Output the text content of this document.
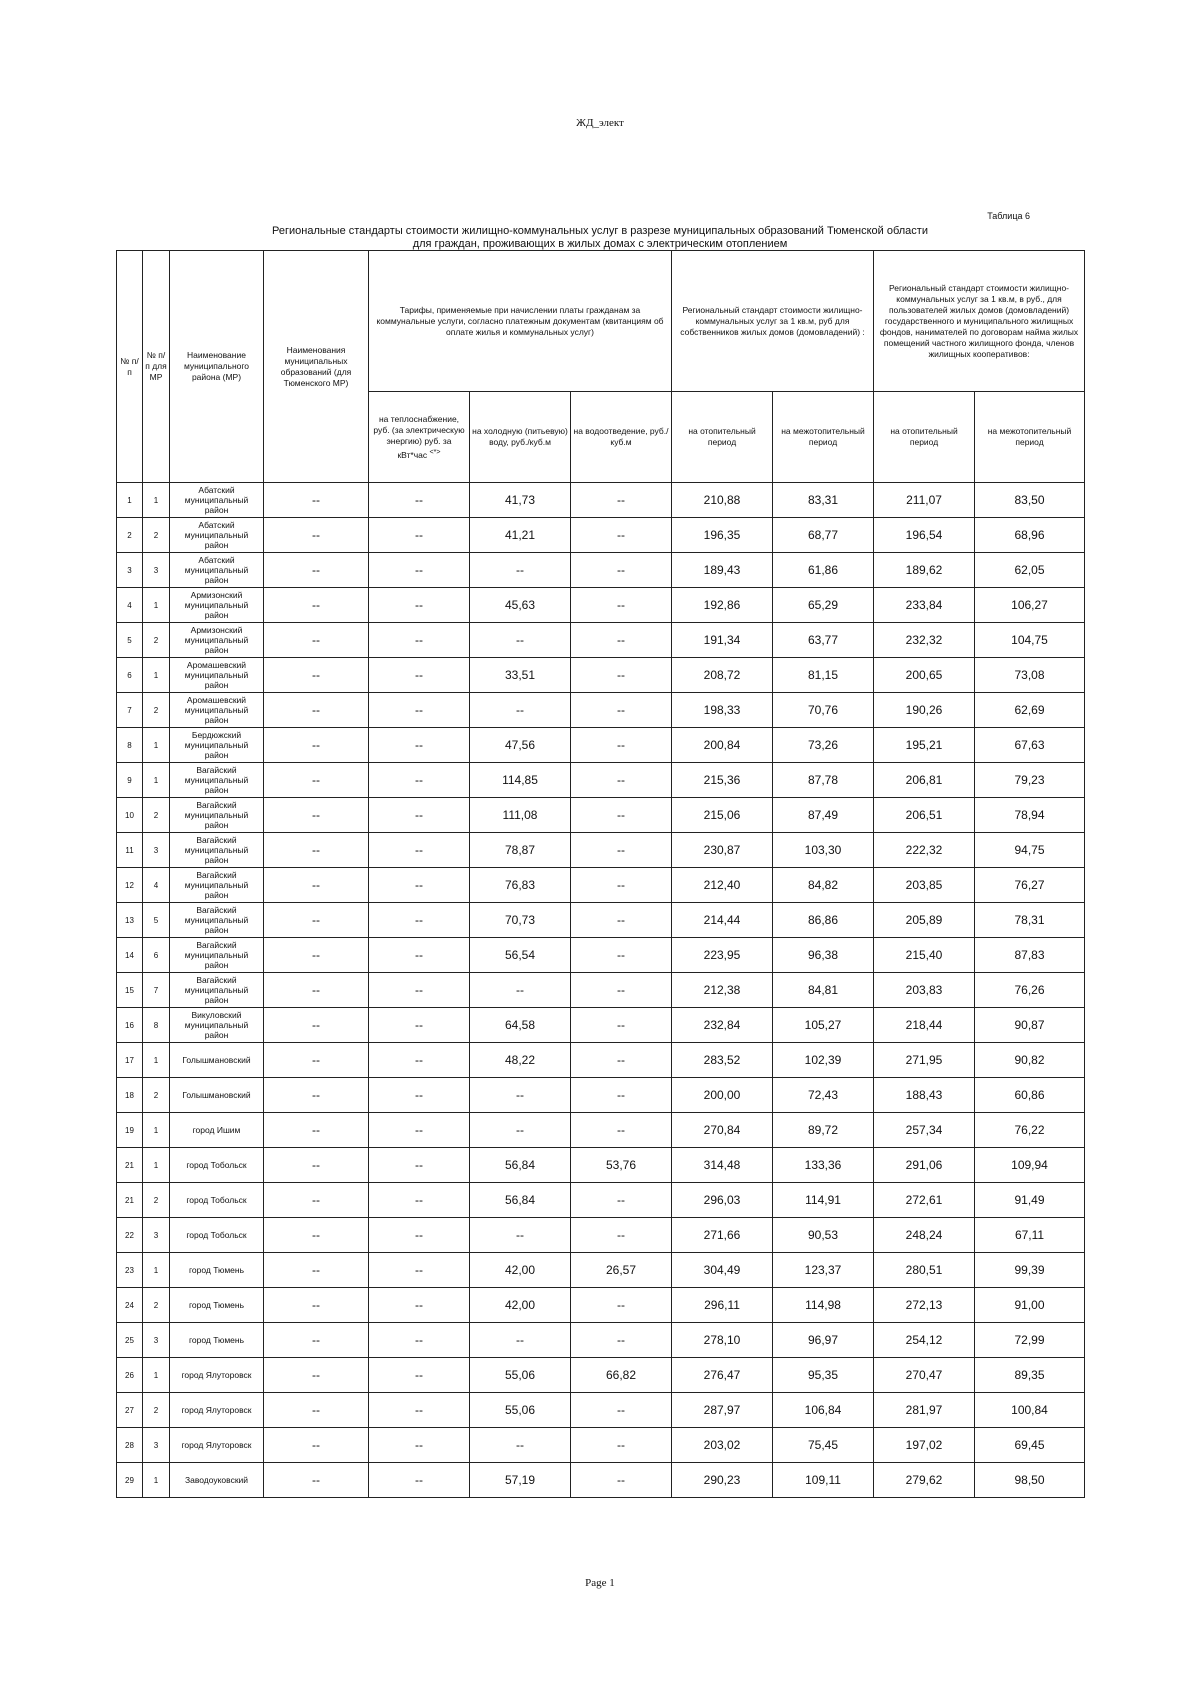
ЖД_элект
Таблица 6
Региональные стандарты стоимости жилищно-коммунальных услуг в разрезе муниципальных образований Тюменской области
для граждан, проживающих в жилых домах с электрическим отоплением
№ п/п	№ п/п для МР	Наименование муниципального района (МР)	Наименования муниципальных образований (для Тюменского МР)	Тарифы, применяемые при начислении платы гражданам за коммунальные услуги, согласно платежным документам (квитанциям об оплате жилья и коммунальных услуг)			Региональный стандарт стоимости жилищно-коммунальных услуг за 1 кв.м, руб для собственников жилых домов (домовладений) :		Региональный стандарт стоимости жилищно-коммунальных услуг за 1 кв.м, в руб., для пользователей жилых домов (домовладений) государственного и муниципального жилищных фондов, нанимателей по договорам найма жилых помещений частного жилищного фонда, членов жилищных кооперативов:	
				на теплоснабжение, руб. (за электрическую энергию) руб. за кВт*час <*>	на холодную (питьевую) воду, руб./куб.м	на водоотведение, руб./куб.м	на отопительный период	на межотопительный период	на отопительный период	на межотопительный период
1	1	Абатский муниципальный район	--	--	41,73	--	210,88	83,31	211,07	83,50
2	2	Абатский муниципальный район	--	--	41,21	--	196,35	68,77	196,54	68,96
3	3	Абатский муниципальный район	--	--	--	--	189,43	61,86	189,62	62,05
4	1	Армизонский муниципальный район	--	--	45,63	--	192,86	65,29	233,84	106,27
5	2	Армизонский муниципальный район	--	--	--	--	191,34	63,77	232,32	104,75
6	1	Аромашевский муниципальный район	--	--	33,51	--	208,72	81,15	200,65	73,08
7	2	Аромашевский муниципальный район	--	--	--	--	198,33	70,76	190,26	62,69
8	1	Бердюжский муниципальный район	--	--	47,56	--	200,84	73,26	195,21	67,63
9	1	Вагайский муниципальный район	--	--	114,85	--	215,36	87,78	206,81	79,23
10	2	Вагайский муниципальный район	--	--	111,08	--	215,06	87,49	206,51	78,94
11	3	Вагайский муниципальный район	--	--	78,87	--	230,87	103,30	222,32	94,75
12	4	Вагайский муниципальный район	--	--	76,83	--	212,40	84,82	203,85	76,27
13	5	Вагайский муниципальный район	--	--	70,73	--	214,44	86,86	205,89	78,31
14	6	Вагайский муниципальный район	--	--	56,54	--	223,95	96,38	215,40	87,83
15	7	Вагайский муниципальный район	--	--	--	--	212,38	84,81	203,83	76,26
16	8	Викуловский муниципальный район	--	--	64,58	--	232,84	105,27	218,44	90,87
17	1	Голышмановский	--	--	48,22	--	283,52	102,39	271,95	90,82
18	2	Голышмановский	--	--	--	--	200,00	72,43	188,43	60,86
19	1	город Ишим	--	--	--	--	270,84	89,72	257,34	76,22
21	1	город Тобольск	--	--	56,84	53,76	314,48	133,36	291,06	109,94
21	2	город Тобольск	--	--	56,84	--	296,03	114,91	272,61	91,49
22	3	город Тобольск	--	--	--	--	271,66	90,53	248,24	67,11
23	1	город Тюмень	--	--	42,00	26,57	304,49	123,37	280,51	99,39
24	2	город Тюмень	--	--	42,00	--	296,11	114,98	272,13	91,00
25	3	город Тюмень	--	--	--	--	278,10	96,97	254,12	72,99
26	1	город Ялуторовск	--	--	55,06	66,82	276,47	95,35	270,47	89,35
27	2	город Ялуторовск	--	--	55,06	--	287,97	106,84	281,97	100,84
28	3	город Ялуторовск	--	--	--	--	203,02	75,45	197,02	69,45
29	1	Заводоуковский	--	--	57,19	--	290,23	109,11	279,62	98,50
Page 1
